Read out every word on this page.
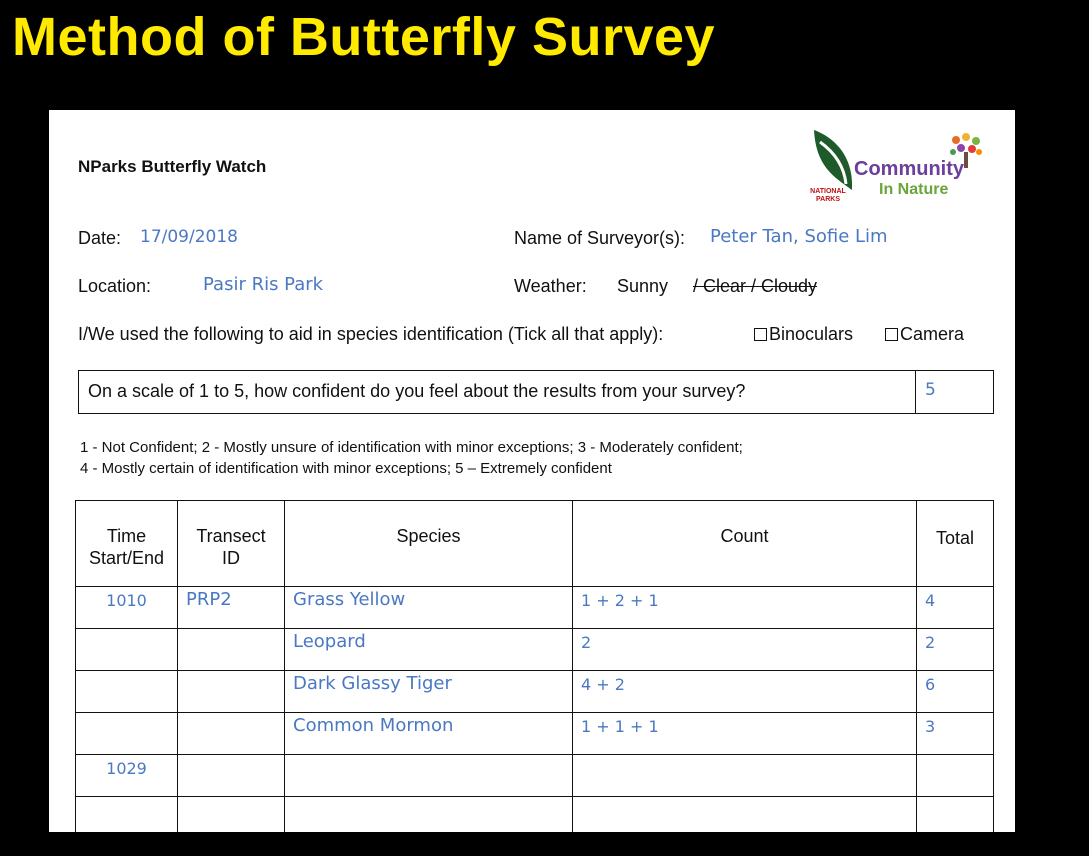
Method of Butterfly Survey
NParks Butterfly Watch	Community
In Nature
NATIONAL PARKS
Date: 17/09/2018	Name of Surveyor(s): Peter Tan, Sofie Lim
Location:	Pasir Ris Park	Weather: Sunny / Clear / Cloudy
I/We used the following to aid in species identification (Tick all that apply):	Binoculars	Camera
On a scale of 1 to 5, how confident do you feel about the results from your survey?	5
1 - Not Confident; 2 - Mostly unsure of identification with minor exceptions; 3 - Moderately confident;
4 - Mostly certain of identification with minor exceptions; 5 – Extremely confident
Time Start/End	Transect ID	Species	Count	Total
1010	PRP2	Grass Yellow	1 + 2 + 1	4
		Leopard	2	2
		Dark Glassy Tiger	4 + 2	6
		Common Mormon	1 + 1 + 1	3
1029				
